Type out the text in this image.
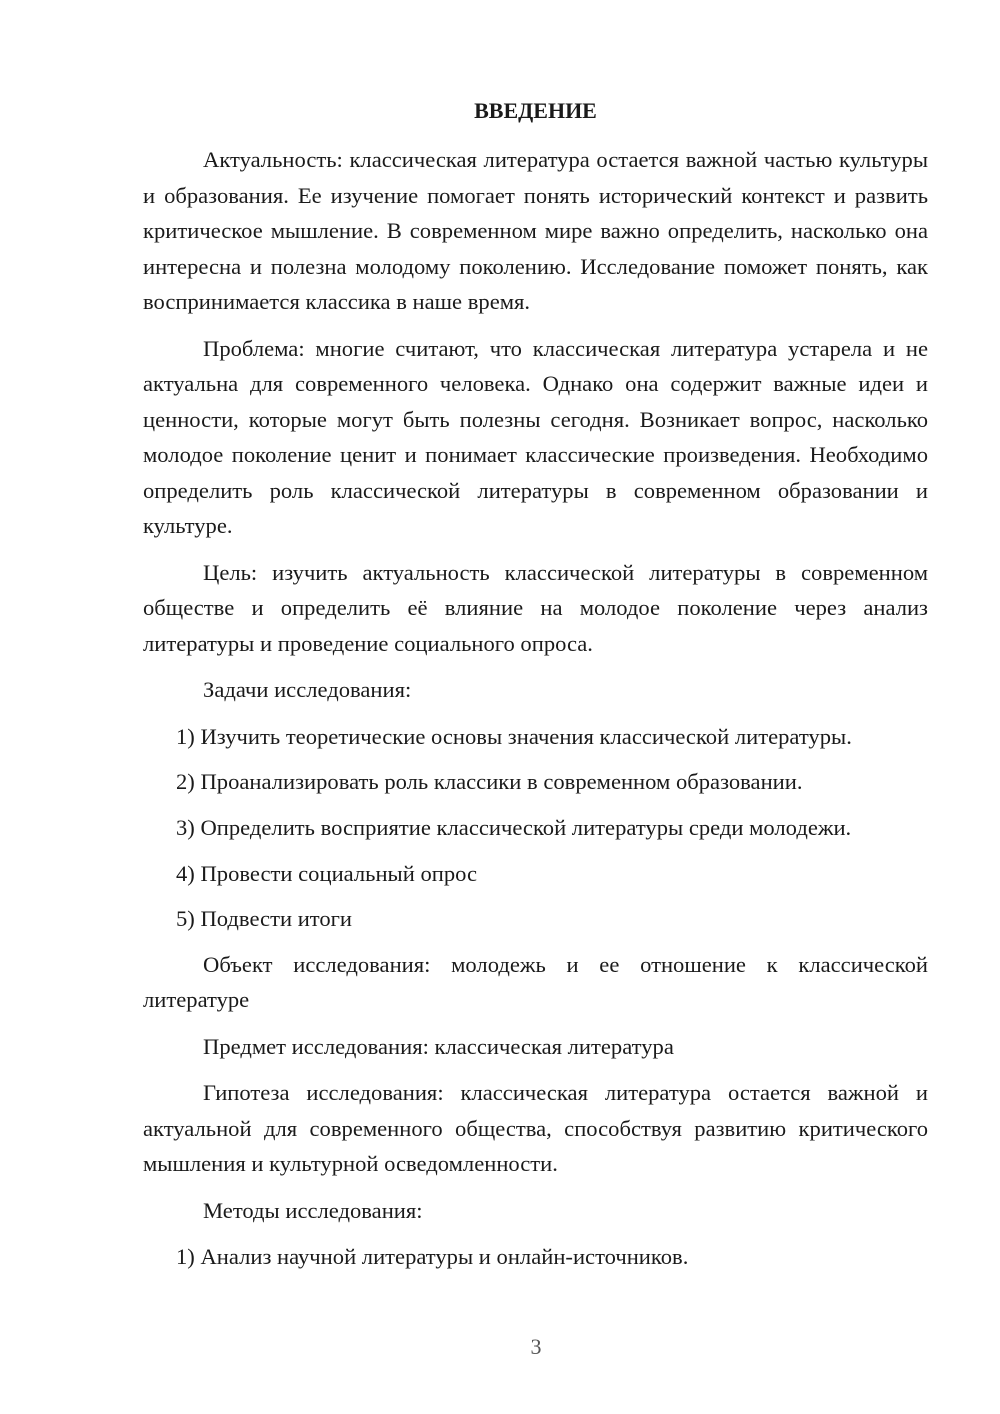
ВВЕДЕНИЕ

Актуальность: классическая литература остается важной частью культуры и образования. Ее изучение помогает понять исторический контекст и развить критическое мышление. В современном мире важно определить, насколько она интересна и полезна молодому поколению. Исследование поможет понять, как воспринимается классика в наше время.

Проблема: многие считают, что классическая литература устарела и не актуальна для современного человека. Однако она содержит важные идеи и ценности, которые могут быть полезны сегодня. Возникает вопрос, насколько молодое поколение ценит и понимает классические произведения. Необходимо определить роль классической литературы в современном образовании и культуре.

Цель: изучить актуальность классической литературы в современном обществе и определить её влияние на молодое поколение через анализ литературы и проведение социального опроса.

Задачи исследования:

1) Изучить теоретические основы значения классической литературы.
2) Проанализировать роль классики в современном образовании.
3) Определить восприятие классической литературы среди молодежи.
4) Провести социальный опрос
5) Подвести итоги

Объект исследования: молодежь и ее отношение к классической литературе

Предмет исследования: классическая литература

Гипотеза исследования: классическая литература остается важной и актуальной для современного общества, способствуя развитию критического мышления и культурной осведомленности.

Методы исследования:

1) Анализ научной литературы и онлайн-источников.
3
